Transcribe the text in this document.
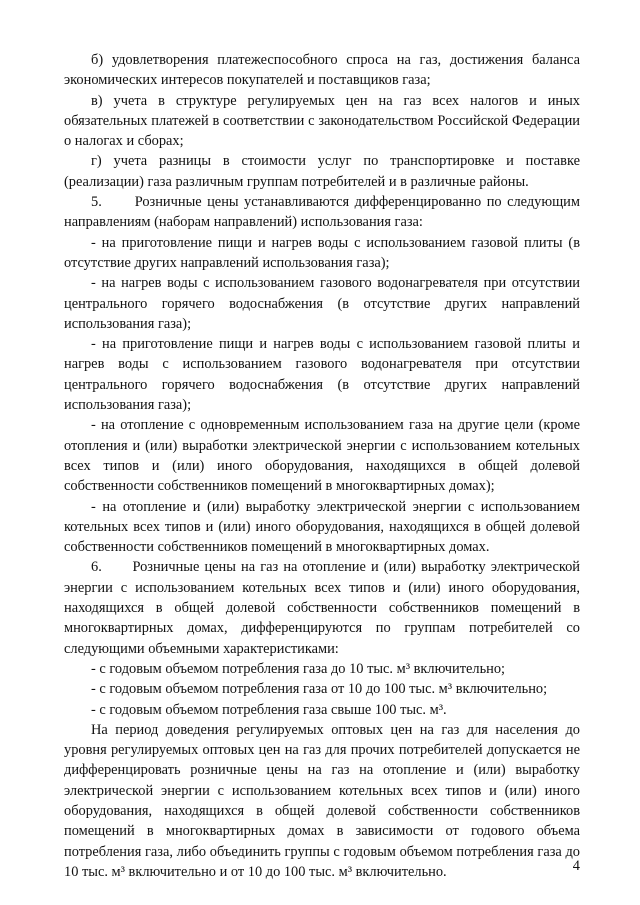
б) удовлетворения платежеспособного спроса на газ, достижения баланса экономических интересов покупателей и поставщиков газа;

в) учета в структуре регулируемых цен на газ всех налогов и иных обязательных платежей в соответствии с законодательством Российской Федерации о налогах и сборах;

г) учета разницы в стоимости услуг по транспортировке и поставке (реализации) газа различным группам потребителей и в различные районы.

5.      Розничные цены устанавливаются дифференцированно по следующим направлениям (наборам направлений) использования газа:

- на приготовление пищи и нагрев воды с использованием газовой плиты (в отсутствие других направлений использования газа);

- на нагрев воды с использованием газового водонагревателя при отсутствии центрального горячего водоснабжения (в отсутствие других направлений использования газа);

- на приготовление пищи и нагрев воды с использованием газовой плиты и нагрев воды с использованием газового водонагревателя при отсутствии центрального горячего водоснабжения (в отсутствие других направлений использования газа);

- на отопление с одновременным использованием газа на другие цели (кроме отопления и (или) выработки электрической энергии с использованием котельных всех типов и (или) иного оборудования, находящихся в общей долевой собственности собственников помещений в многоквартирных домах);

- на отопление и (или) выработку электрической энергии с использованием котельных всех типов и (или) иного оборудования, находящихся в общей долевой собственности собственников помещений в многоквартирных домах.

6.      Розничные цены на газ на отопление и (или) выработку электрической энергии с использованием котельных всех типов и (или) иного оборудования, находящихся в общей долевой собственности собственников помещений в многоквартирных домах, дифференцируются по группам потребителей со следующими объемными характеристиками:

- с годовым объемом потребления газа до 10 тыс. м³ включительно;

- с годовым объемом потребления газа от 10 до 100 тыс. м³ включительно;

- с годовым объемом потребления газа свыше 100 тыс. м³.

На период доведения регулируемых оптовых цен на газ для населения до уровня регулируемых оптовых цен на газ для прочих потребителей допускается не дифференцировать розничные цены на газ на отопление и (или) выработку электрической энергии с использованием котельных всех типов и (или) иного оборудования, находящихся в общей долевой собственности собственников помещений в многоквартирных домах в зависимости от годового объема потребления газа, либо объединить группы с годовым объемом потребления газа до 10 тыс. м³ включительно и от 10 до 100 тыс. м³ включительно.	4
